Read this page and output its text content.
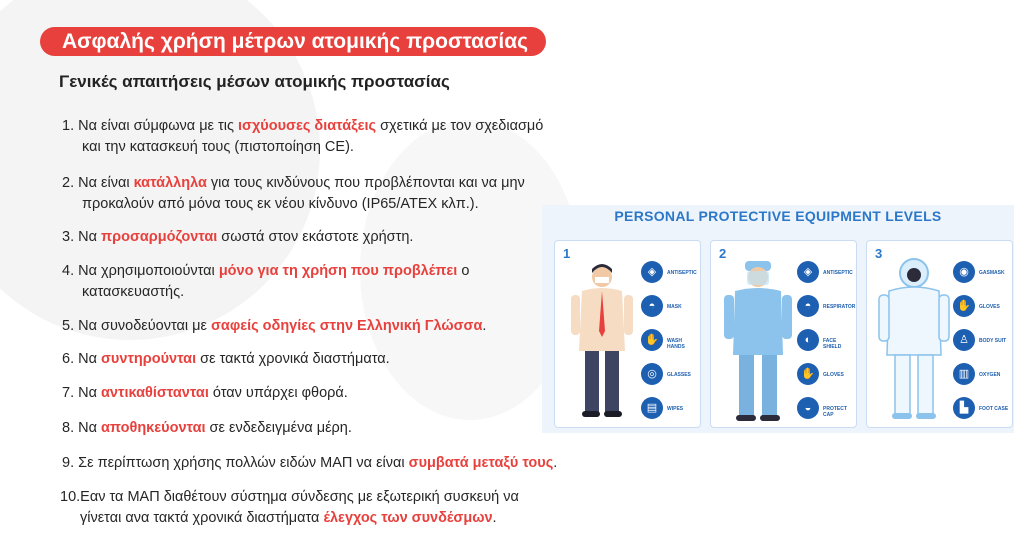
Ασφαλής χρήση μέτρων ατομικής προστασίας
Γενικές απαιτήσεις μέσων ατομικής προστασίας
1. Να είναι σύμφωνα με τις ισχύουσες διατάξεις σχετικά με τον σχεδιασμό
και την κατασκευή τους (πιστοποίηση CE).
2. Να είναι κατάλληλα για τους κινδύνους που προβλέπονται και να μην
προκαλούν από μόνα τους εκ νέου κίνδυνο (IP65/ATEX κλπ.).
3. Να προσαρμόζονται σωστά στον εκάστοτε χρήστη.
4. Να χρησιμοποιούνται μόνο για τη χρήση που προβλέπει ο
κατασκευαστής.
5. Να συνοδεύονται με σαφείς οδηγίες στην Ελληνική Γλώσσα.
6. Να συντηρούνται σε τακτά χρονικά διαστήματα.
7. Να αντικαθίστανται όταν υπάρχει φθορά.
8. Να αποθηκεύονται σε ενδεδειγμένα μέρη.
9. Σε περίπτωση χρήσης πολλών ειδών ΜΑΠ να είναι συμβατά μεταξύ τους.
10.Εαν τα ΜΑΠ διαθέτουν σύστημα σύνδεσης με εξωτερική συσκευή να
γίνεται ανα τακτά χρονικά διαστήματα έλεγχος των συνδέσμων.
PERSONAL PROTECTIVE EQUIPMENT LEVELS
1
◈	ANTISEPTIC
◓	MASK
✋	WASH HANDS
◎	GLASSES
▤	WIPES
2
◈	ANTISEPTIC
◓	RESPIRATOR
◐	FACE SHIELD
✋	GLOVES
◒	PROTECT CAP
3
◉	GASMASK
✋	GLOVES
♙	BODY SUIT
▥	OXYGEN
▙	FOOT CASE
